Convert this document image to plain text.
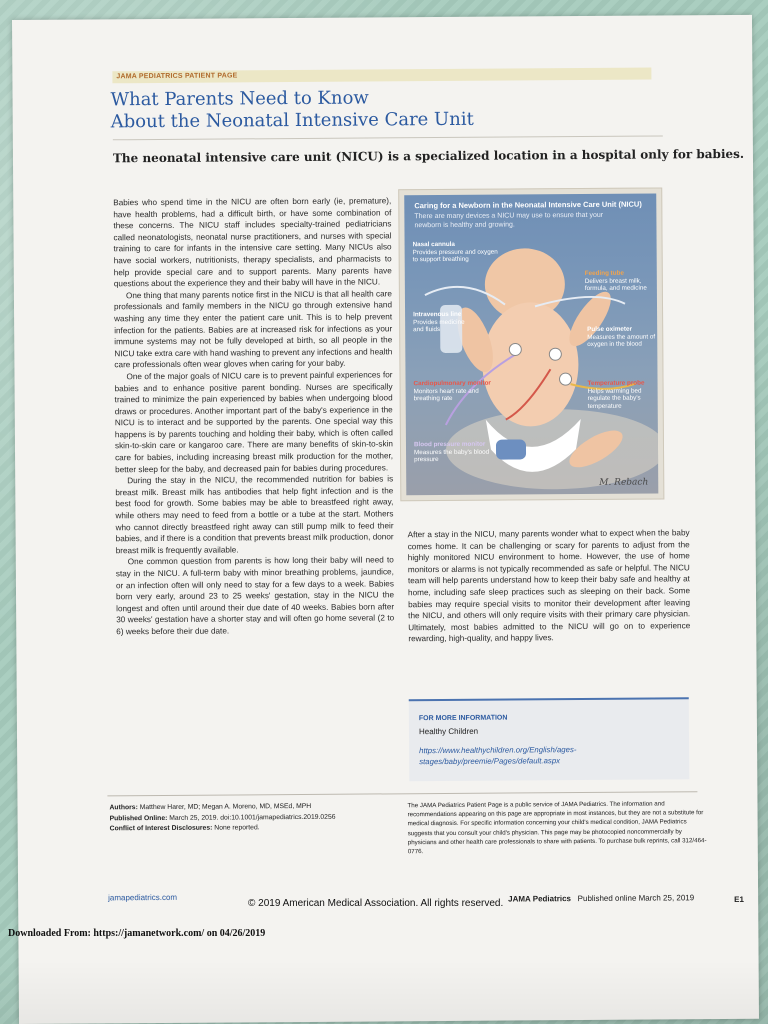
JAMA PEDIATRICS PATIENT PAGE
What Parents Need to Know
About the Neonatal Intensive Care Unit
The neonatal intensive care unit (NICU) is a specialized location in a hospital only for babies.

Babies who spend time in the NICU are often born early (ie, premature), have health problems, had a difficult birth, or have some combination of these concerns. The NICU staff includes specialty-trained pediatricians called neonatologists, neonatal nurse practitioners, and nurses with special training to care for infants in the intensive care setting. Many NICUs also have social workers, nutritionists, therapy specialists, and pharmacists to help provide special care and to support parents. Many parents have questions about the experience they and their baby will have in the NICU.

One thing that many parents notice first in the NICU is that all health care professionals and family members in the NICU go through extensive hand washing any time they enter the patient care unit. This is to help prevent infection for the patients. Babies are at increased risk for infections as your immune systems may not be fully developed at birth, so all people in the NICU take extra care with hand washing to prevent any infections and health care professionals often wear gloves when caring for your baby.

One of the major goals of NICU care is to prevent painful experiences for babies and to enhance positive parent bonding. Nurses are specifically trained to minimize the pain experienced by babies when undergoing blood draws or procedures. Another important part of the baby's experience in the NICU is to interact and be supported by the parents. One special way this happens is by parents touching and holding their baby, which is often called skin-to-skin care or kangaroo care. There are many benefits of skin-to-skin care for babies, including increasing breast milk production for the mother, better sleep for the baby, and decreased pain for babies during procedures.

During the stay in the NICU, the recommended nutrition for babies is breast milk. Breast milk has antibodies that help fight infection and is the best food for growth. Some babies may be able to breastfeed right away, while others may need to feed from a bottle or a tube at the start. Mothers who cannot directly breastfeed right away can still pump milk to feed their babies, and if there is a condition that prevents breast milk production, donor breast milk is frequently available.

One common question from parents is how long their baby will need to stay in the NICU. A full-term baby with minor breathing problems, jaundice, or an infection often will only need to stay for a few days to a week. Babies born very early, around 23 to 25 weeks' gestation, stay in the NICU the longest and often until around their due date of 40 weeks. Babies born after 30 weeks' gestation have a shorter stay and will often go home several (2 to 6) weeks before their due date.

Caring for a Newborn in the Neonatal Intensive Care Unit (NICU)
There are many devices a NICU may use to ensure that your newborn is healthy and growing.
Nasal cannula
Provides pressure and oxygen to support breathing
Feeding tube
Delivers breast milk, formula, and medicine
Intravenous line
Provides medicine and fluids	Pulse oximeter
Measures the amount of oxygen in the blood
Cardiopulmonary monitor
Monitors heart rate and breathing rate
Temperature probe
Helps warming bed regulate the baby's temperature
Blood pressure monitor
Measures the baby's blood pressure
M. Rebach
After a stay in the NICU, many parents wonder what to expect when the baby comes home. It can be challenging or scary for parents to adjust from the highly monitored NICU environment to home. However, the use of home monitors or alarms is not typically recommended as safe or helpful. The NICU team will help parents understand how to keep their baby safe and healthy at home, including safe sleep practices such as sleeping on their back. Some babies may require special visits to monitor their development after leaving the NICU, and others will only require visits with their primary care physician. Ultimately, most babies admitted to the NICU will go on to experience rewarding, high-quality, and happy lives.
FOR MORE INFORMATION
Healthy Children
https://www.healthychildren.org/English/ages-stages/baby/preemie/Pages/default.aspx
Authors: Matthew Harer, MD; Megan A. Moreno, MD, MSEd, MPH
Published Online: March 25, 2019. doi:10.1001/jamapediatrics.2019.0256
Conflict of Interest Disclosures: None reported.
The JAMA Pediatrics Patient Page is a public service of JAMA Pediatrics. The information and recommendations appearing on this page are appropriate in most instances, but they are not a substitute for medical diagnosis. For specific information concerning your child's medical condition, JAMA Pediatrics suggests that you consult your child's physician. This page may be photocopied noncommercially by physicians and other health care professionals to share with patients. To purchase bulk reprints, call 312/464-0776.
jamapediatrics.com	JAMA Pediatrics Published online March 25, 2019	E1
© 2019 American Medical Association. All rights reserved.
Downloaded From: https://jamanetwork.com/ on 04/26/2019
